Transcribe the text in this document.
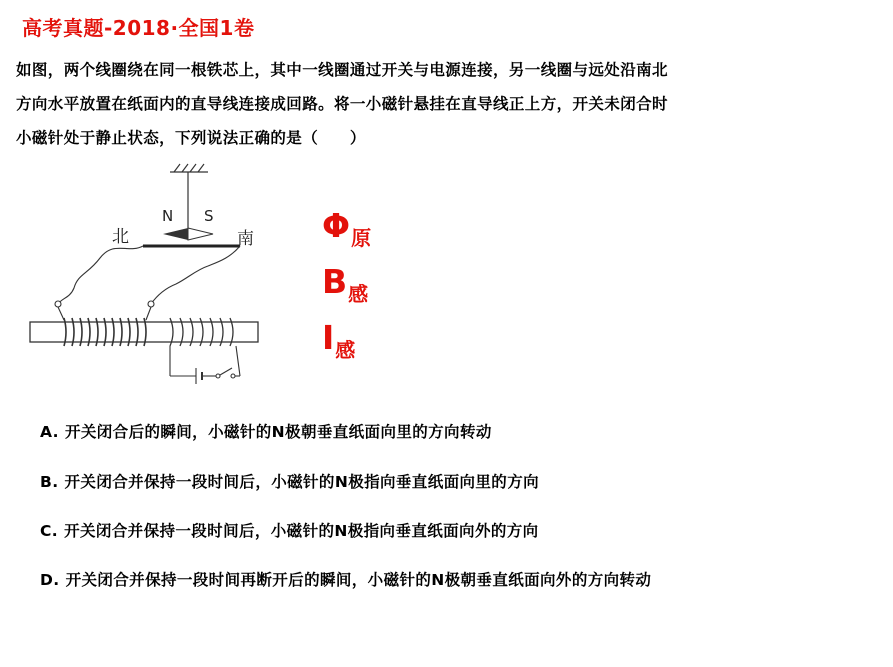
高考真题-2018·全国1卷
如图，两个线圈绕在同一根铁芯上，其中一线圈通过开关与电源连接，另一线圈与远处沿南北
方向水平放置在纸面内的直导线连接成回路。将一小磁针悬挂在直导线正上方，开关未闭合时
小磁针处于静止状态，下列说法正确的是（　　）
北	南
N S	Φ原
B感
I感
A. 开关闭合后的瞬间，小磁针的N极朝垂直纸面向里的方向转动
B. 开关闭合并保持一段时间后，小磁针的N极指向垂直纸面向里的方向
C. 开关闭合并保持一段时间后，小磁针的N极指向垂直纸面向外的方向
D. 开关闭合并保持一段时间再断开后的瞬间，小磁针的N极朝垂直纸面向外的方向转动
